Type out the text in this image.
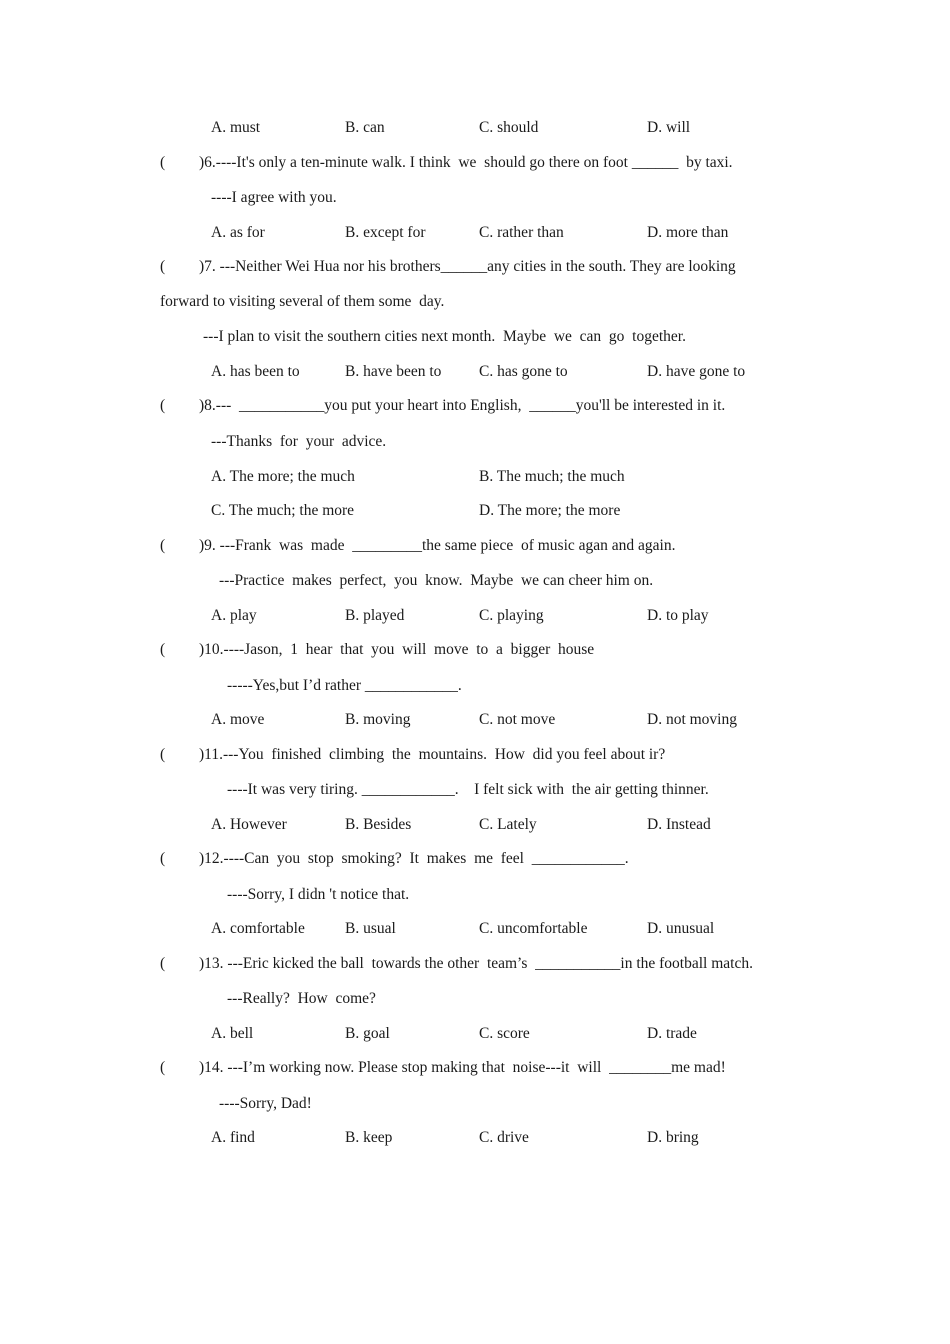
A. must	B. can	C. should	D. will
( )6.----It's only a ten-minute walk. I think  we  should go there on foot ______  by taxi.
----I agree with you.
A. as for	B. except for	C. rather than	D. more than
( )7. ---Neither Wei Hua nor his brothers______any cities in the south. They are looking
forward to visiting several of them some  day.
---I plan to visit the southern cities next month.  Maybe  we  can  go  together.
A. has been to	B. have been to C. has gone to	D. have gone to
( )8.---  ___________you put your heart into English,  ______you'll be interested in it.
---Thanks  for  your  advice.
A. The more; the much	B. The much; the much
C. The much; the more	D. The more; the more
( )9. ---Frank  was  made  _________the same piece  of music agan and again.
---Practice  makes  perfect,  you  know.  Maybe  we can cheer him on.
A. play	B. played	C. playing	D. to play
( )10.----Jason,  1  hear  that  you  will  move  to  a  bigger  house
-----Yes,but I’d rather ____________.
A. move	B. moving	C. not move	D. not moving
( )11.---You  finished  climbing  the  mountains.  How  did you feel about ir?
----It was very tiring. ____________.    I felt sick with  the air getting thinner.
A. However	B. Besides	C. Lately	D. Instead
( )12.----Can  you  stop  smoking?  It  makes  me  feel  ____________.
----Sorry, I didn 't notice that.
A. comfortable	B. usual	C. uncomfortable	D. unusual
( )13. ---Eric kicked the ball  towards the other  team’s  ___________in the football match.
---Really?  How  come?
A. bell	B. goal	C. score	D. trade
( )14. ---I’m working now. Please stop making that  noise---it  will  ________me mad!
----Sorry, Dad!
A. find	B. keep	C. drive	D. bring
